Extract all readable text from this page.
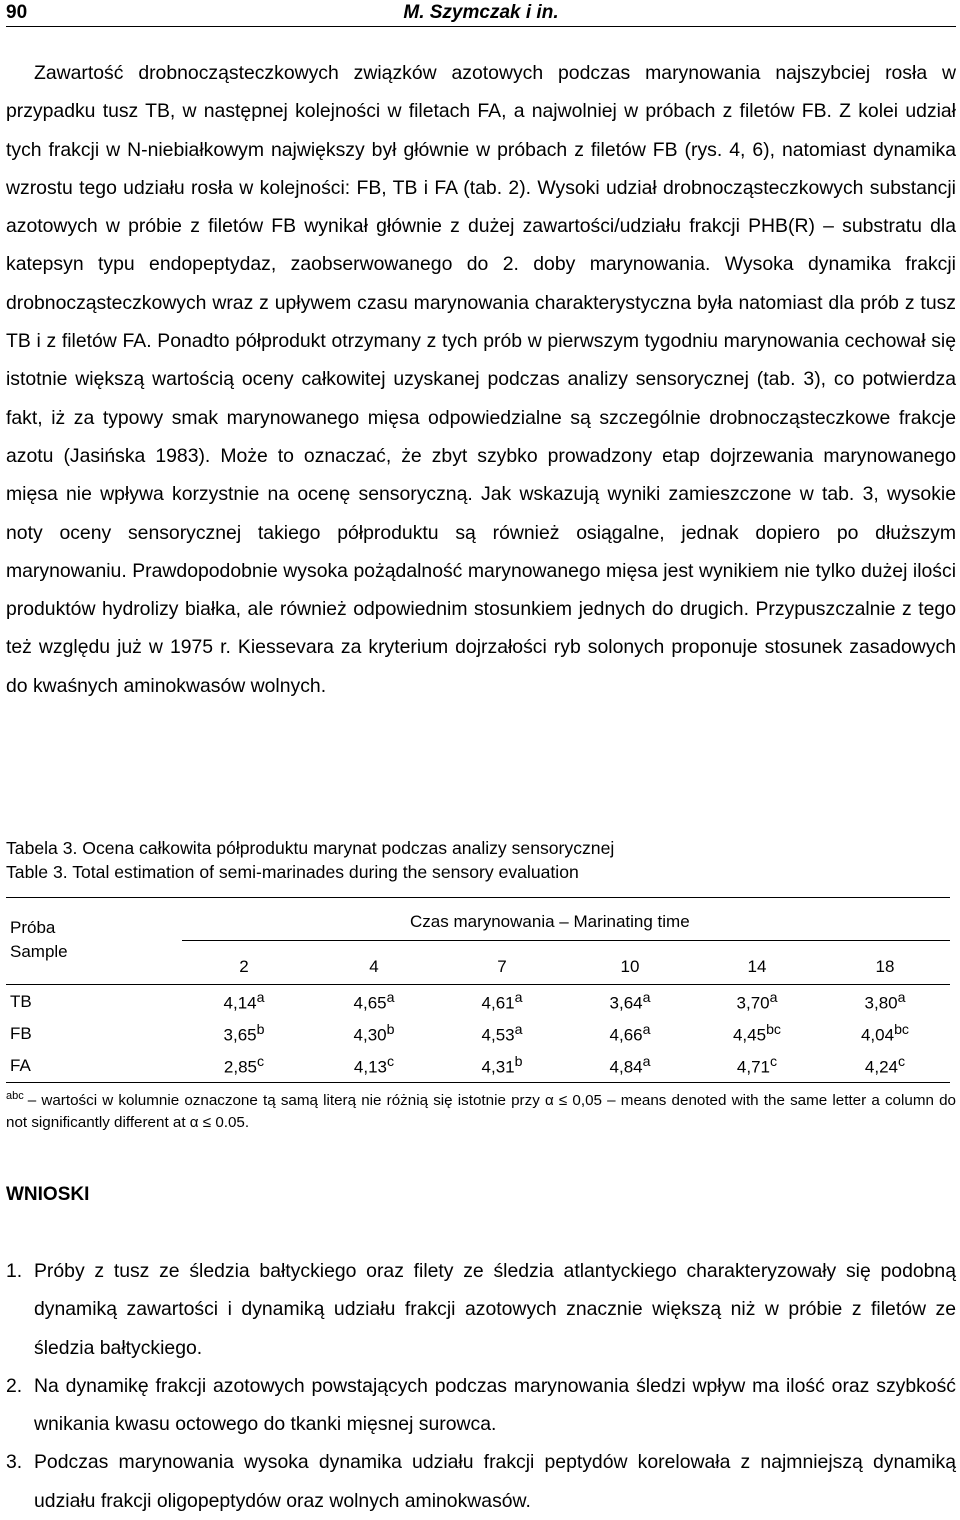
90	M. Szymczak i in.

Zawartość drobnocząsteczkowych związków azotowych podczas marynowania najszybciej rosła w przypadku tusz TB, w następnej kolejności w filetach FA, a najwolniej w próbach z filetów FB. Z kolei udział tych frakcji w N-niebiałkowym największy był głównie w próbach z filetów FB (rys. 4, 6), natomiast dynamika wzrostu tego udziału rosła w kolejności: FB, TB i FA (tab. 2). Wysoki udział drobnocząsteczkowych substancji azotowych w próbie z filetów FB wynikał głównie z dużej zawartości/udziału frakcji PHB(R) – substratu dla katepsyn typu endopeptydaz, zaobserwowanego do 2. doby marynowania. Wysoka dynamika frakcji drobnocząsteczkowych wraz z upływem czasu marynowania charakterystyczna była natomiast dla prób z tusz TB i z filetów FA. Ponadto półprodukt otrzymany z tych prób w pierwszym tygodniu marynowania cechował się istotnie większą wartością oceny całkowitej uzyskanej podczas analizy sensorycznej (tab. 3), co potwierdza fakt, iż za typowy smak marynowanego mięsa odpowiedzialne są szczególnie drobnocząsteczkowe frakcje azotu (Jasińska 1983). Może to oznaczać, że zbyt szybko prowadzony etap dojrzewania marynowanego mięsa nie wpływa korzystnie na ocenę sensoryczną. Jak wskazują wyniki zamieszczone w tab. 3, wysokie noty oceny sensorycznej takiego półproduktu są również osiągalne, jednak dopiero po dłuższym marynowaniu. Prawdopodobnie wysoka pożądalność marynowanego mięsa jest wynikiem nie tylko dużej ilości produktów hydrolizy białka, ale również odpowiednim stosunkiem jednych do drugich. Przypuszczalnie z tego też względu już w 1975 r. Kiessevara za kryterium dojrzałości ryb solonych proponuje stosunek zasadowych do kwaśnych aminokwasów wolnych.

Tabela 3. Ocena całkowita półproduktu marynat podczas analizy sensorycznej
Table 3. Total estimation of semi-marinades during the sensory evaluation
Próba
Sample
Czas marynowania – Marinating time
2	4	7	10	14	18
TB	4,14$^a$	4,65$^a$	4,61$^a$	3,64$^a$	3,70$^a$	3,80$^a$
FB	3,65$^b$	4,30$^b$	4,53$^a$	4,66$^a$	4,45$^{bc}$	4,04$^{bc}$
FA	2,85$^c$	4,13$^c$	4,31$^b$	4,84$^a$	4,71$^c$	4,24$^c$
$^{abc}$ – wartości w kolumnie oznaczone tą samą literą nie różnią się istotnie przy α ≤ 0,05 – means denoted with the same letter a column do not significantly different at α ≤ 0.05.
WNIOSKI
1. Próby z tusz ze śledzia bałtyckiego oraz filety ze śledzia atlantyckiego charakteryzowały się podobną dynamiką zawartości i dynamiką udziału frakcji azotowych znacznie większą niż w próbie z filetów ze śledzia bałtyckiego.
2. Na dynamikę frakcji azotowych powstających podczas marynowania śledzi wpływ ma ilość oraz szybkość wnikania kwasu octowego do tkanki mięsnej surowca.
3. Podczas marynowania wysoka dynamika udziału frakcji peptydów korelowała z najmniejszą dynamiką udziału frakcji oligopeptydów oraz wolnych aminokwasów.
